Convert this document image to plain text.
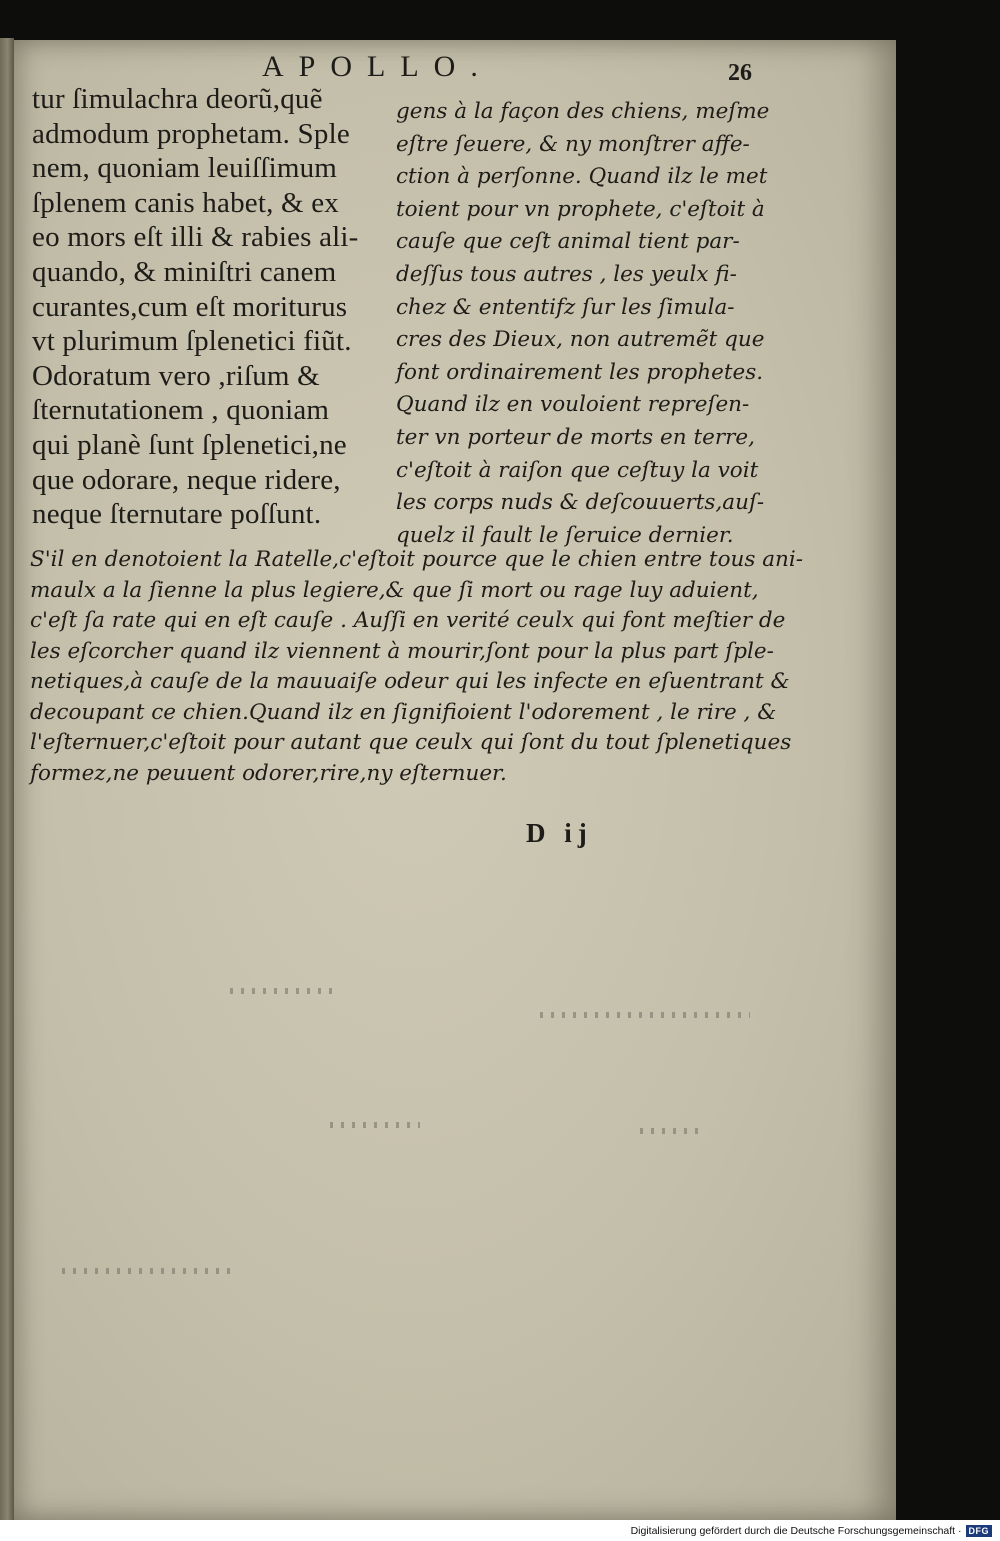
APOLLO.	26
tur ſimulachra deorũ,quẽ
admodum prophetam. Sple
nem, quoniam leuiſſimum
ſplenem canis habet, & ex
eo mors eſt illi & rabies ali-
quando, & miniſtri canem
curantes,cum eſt moriturus
vt plurimum ſplenetici fiũt.
Odoratum vero ,riſum &
ſternutationem , quoniam
qui planè ſunt ſplenetici,ne
que odorare, neque ridere,
neque ſternutare poſſunt.
gens à la façon des chiens, meſme
eſtre ſeuere, & ny monſtrer affe-
ction à perſonne. Quand ilz le met
toient pour vn prophete, c'eſtoit à
cauſe que ceſt animal tient par-
deſſus tous autres , les yeulx fi-
chez & ententifz ſur les ſimula-
cres des Dieux, non autremẽt que
font ordinairement les prophetes.
Quand ilz en vouloient repreſen-
ter vn porteur de morts en terre,
c'eſtoit à raiſon que ceſtuy la voit
les corps nuds & deſcouuerts,auſ-
quelz il fault le ſeruice dernier.
S'il en denotoient la Ratelle,c'eſtoit pource que le chien entre tous ani-
maulx a la ſienne la plus legiere,& que ſi mort ou rage luy aduient,
c'eſt ſa rate qui en eſt cauſe . Auſſi en verité ceulx qui font meſtier de
les eſcorcher quand ilz viennent à mourir,ſont pour la plus part ſple-
netiques,à cauſe de la mauuaiſe odeur qui les infecte en eſuentrant &
decoupant ce chien.Quand ilz en ſignifioient l'odorement , le rire , &
l'eſternuer,c'eſtoit pour autant que ceulx qui ſont du tout ſplenetiques
formez,ne peuuent odorer,rire,ny eſternuer.
D ij
Digitalisierung gefördert durch die Deutsche Forschungsgemeinschaft · DFG
